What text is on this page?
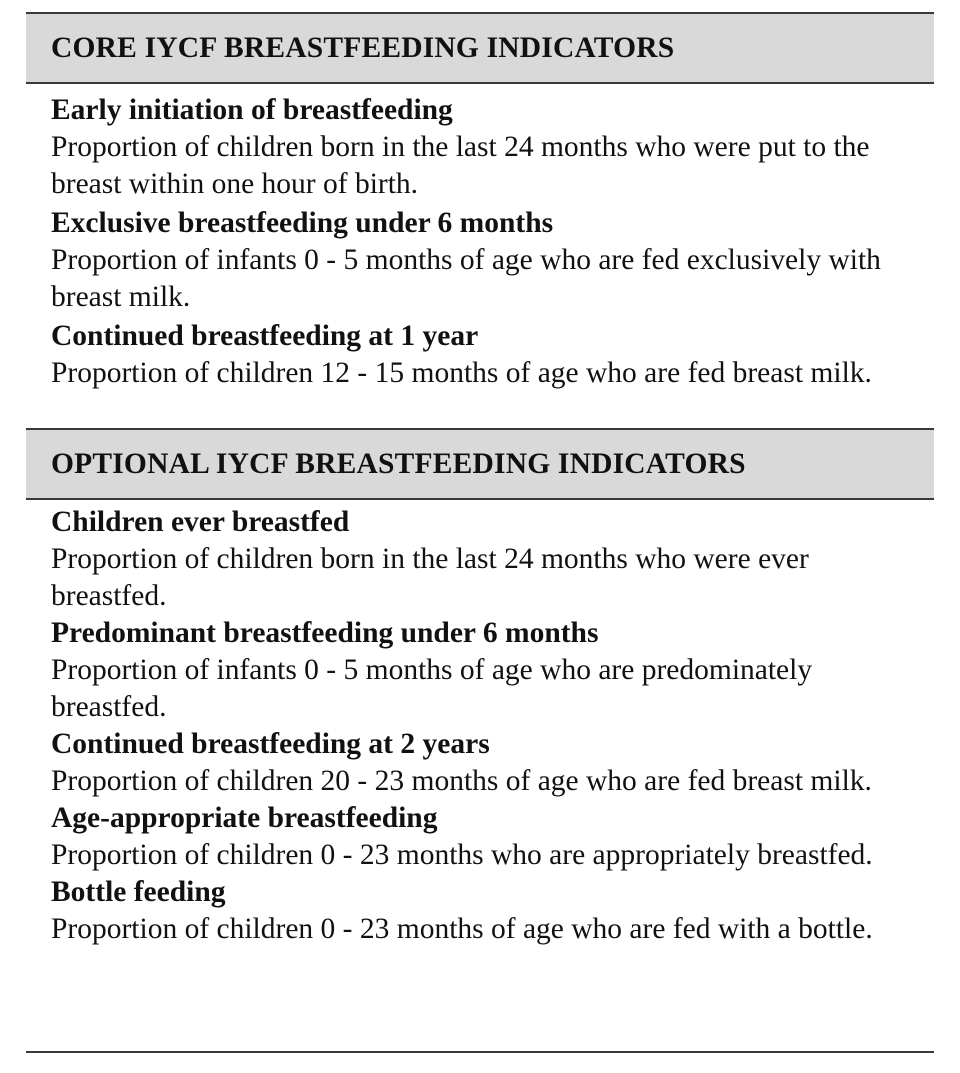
CORE IYCF BREASTFEEDING INDICATORS
Early initiation of breastfeeding
Proportion of children born in the last 24 months who were put to the breast within one hour of birth.
Exclusive breastfeeding under 6 months
Proportion of infants 0 - 5 months of age who are fed exclusively with breast milk.
Continued breastfeeding at 1 year
Proportion of children 12 - 15 months of age who are fed breast milk.
OPTIONAL IYCF BREASTFEEDING INDICATORS
Children ever breastfed
Proportion of children born in the last 24 months who were ever breastfed.
Predominant breastfeeding under 6 months
Proportion of infants 0 - 5 months of age who are predominately breastfed.
Continued breastfeeding at 2 years
Proportion of children 20 - 23 months of age who are fed breast milk.
Age-appropriate breastfeeding
Proportion of children 0 - 23 months who are appropriately breastfed.
Bottle feeding
Proportion of children 0 - 23 months of age who are fed with a bottle.
